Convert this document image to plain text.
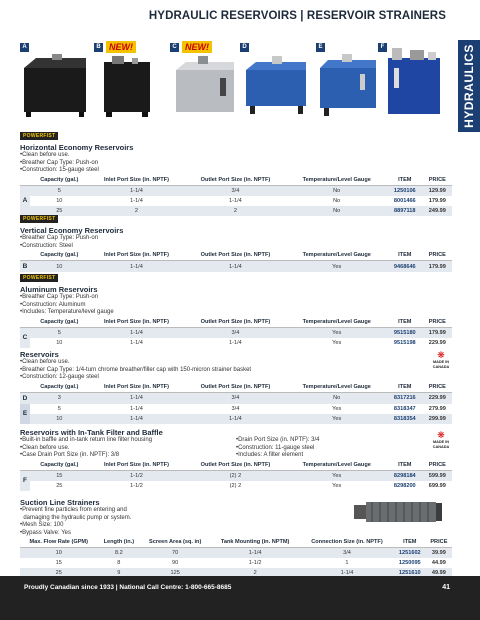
HYDRAULIC RESERVOIRS | RESERVOIR STRAINERS
HYDRAULICS
A	B NEW!	C NEW!	D	E	F
POWERFIST
Horizontal Economy Reservoirs
•Clean before use.
•Breather Cap Type: Push-on
•Construction: 15-gauge steel
	Capacity (gal.)	Inlet Port Size (in. NPTF)	Outlet Port Size (in. NPTF)	Temperature/Level Gauge	ITEM	PRICE
A	5	1-1/4	3/4	No	1250106	129.99
	10	1-1/4	1-1/4	No	8001466	179.99
	25	2	2	No	8897118	249.99
POWERFIST
Vertical Economy Reservoirs
•Breather Cap Type: Push-on
•Construction: Steel
	Capacity (gal.)	Inlet Port Size (in. NPTF)	Outlet Port Size (in. NPTF)	Temperature/Level Gauge	ITEM	PRICE
B	10	1-1/4	1-1/4	Yes	9468646	179.99
POWERFIST
Aluminum Reservoirs
•Breather Cap Type: Push-on
•Construction: Aluminum
•Includes: Temperature/level gauge
	Capacity (gal.)	Inlet Port Size (in. NPTF)	Outlet Port Size (in. NPTF)	Temperature/Level Gauge	ITEM	PRICE
C	5	1-1/4	3/4	Yes	9515180	179.99
	10	1-1/4	1-1/4	Yes	9515198	229.99
❋
MADE IN
CANADA
Reservoirs
•Clean before use.
•Breather Cap Type: 1/4-turn chrome breather/filler cap with 150-micron strainer basket
•Construction: 12-gauge steel
	Capacity (gal.)	Inlet Port Size (in. NPTF)	Outlet Port Size (in. NPTF)	Temperature/Level Gauge	ITEM	PRICE
D	3	1-1/4	3/4	No	8317216	229.99
E	5	1-1/4	3/4	Yes	8318347	279.99
	10	1-1/4	1-1/4	Yes	8318354	299.99
❋
MADE IN
CANADA
Reservoirs with In-Tank Filter and Baffle
•Built-in baffle and in-tank return line filter housing
•Clean before use.
•Case Drain Port Size (in. NPTF): 3/8
•Drain Port Size (in. NPTF): 3/4
•Construction: 11-gauge steel
•Includes: A filter element
	Capacity (gal.)	Inlet Port Size (in. NPTF)	Outlet Port Size (in. NPTF)	Temperature/Level Gauge	ITEM	PRICE
F	15	1-1/2	(2) 2	Yes	8298184	599.99
	25	1-1/2	(2) 2	Yes	8298200	699.99
Suction Line Strainers
•Prevent fine particles from entering and
damaging the hydraulic pump or system.
•Mesh Size: 100
•Bypass Valve: Yes
Max. Flow Rate (GPM)	Length (in.)	Screen Area (sq. in)	Tank Mounting (in. NPTM)	Connection Size (in. NPTF)	ITEM	PRICE
10	8.2	70	1-1/4	3/4	1251602	39.99
15	8	90	1-1/2	1	1250095	44.99
25	9	125	2	1-1/4	1251610	49.99
Proudly Canadian since 1933 | National Call Centre: 1-800-665-8685	41
